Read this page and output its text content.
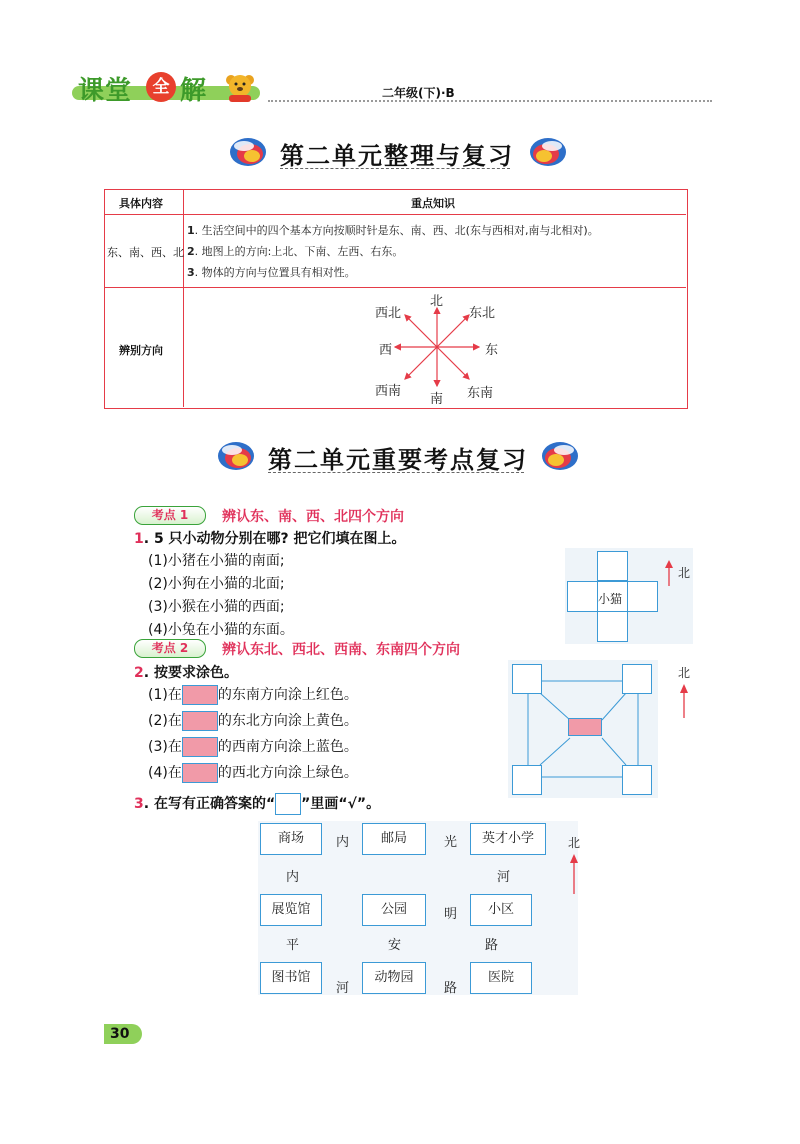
课堂	全 解	二年级(下)·B
第二单元整理与复习
具体内容	重点知识
东、南、西、北
1. 生活空间中的四个基本方向按顺时针是东、南、西、北(东与西相对,南与北相对)。
2. 地图上的方向:上北、下南、左西、右东。
3. 物体的方向与位置具有相对性。
辨别方向
北
南
东
西
东北
西北
东南
西南
第二单元重要考点复习
考点 1	辨认东、南、西、北四个方向
1. 5 只小动物分别在哪? 把它们填在图上。
(1)小猪在小猫的南面;
(2)小狗在小猫的北面;
(3)小猴在小猫的西面;
(4)小兔在小猫的东面。
小猫
北
考点 2	辨认东北、西北、西南、东南四个方向
2. 按要求涂色。
(1)在	的东南方向涂上红色。
(2)在	的东北方向涂上黄色。
(3)在	的西南方向涂上蓝色。
(4)在	的西北方向涂上绿色。
北
3. 在写有正确答案的“ ”里画“√”。
商场	邮局	英才小学
展览馆	公园	小区
图书馆	动物园	医院
内	光
内	河
明
平	安	路
河	路
北
30
